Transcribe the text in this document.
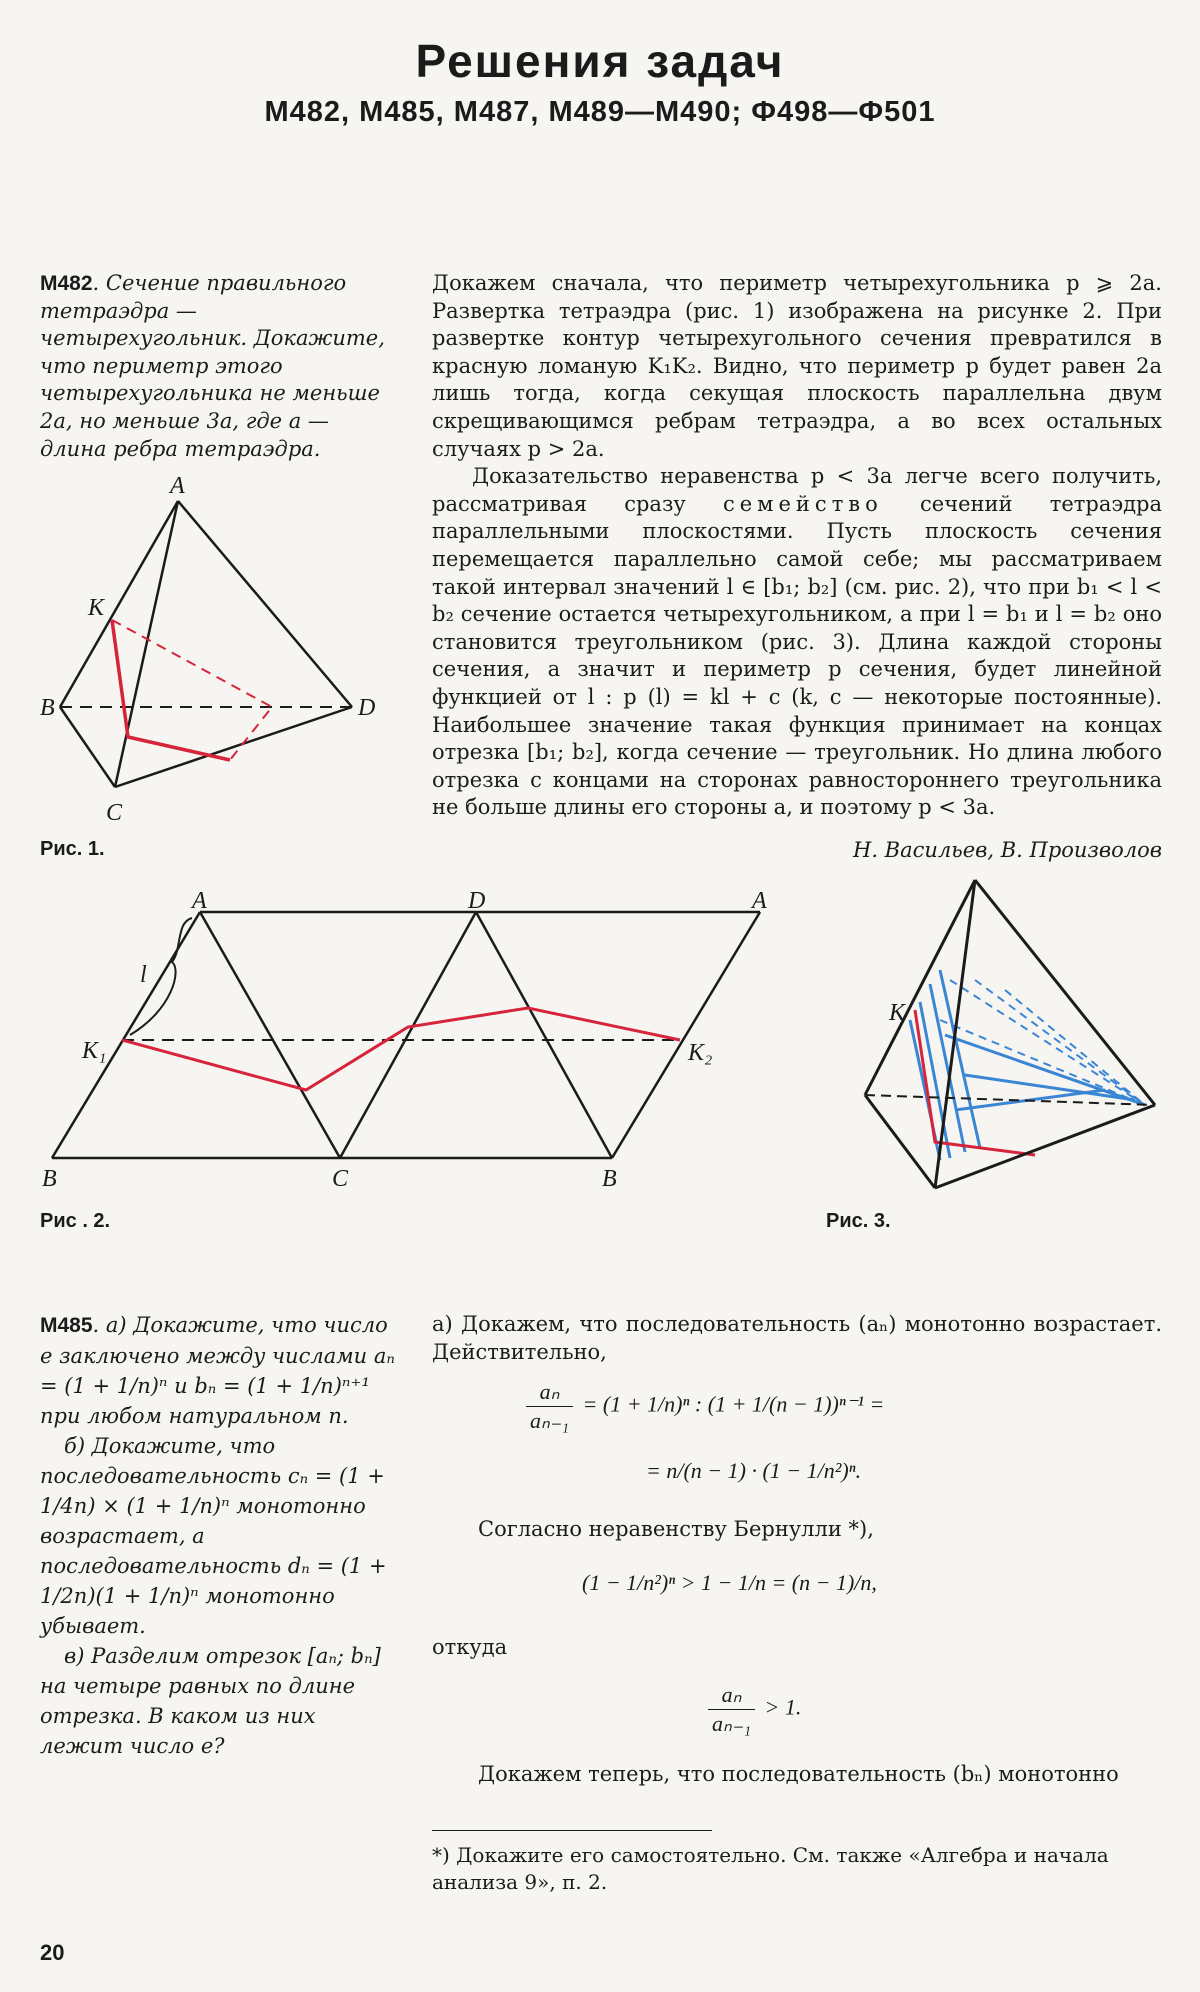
Решения задач
М482, М485, М487, М489—М490; Ф498—Ф501
М482. Сечение правильного тетраэдра — четырехугольник. Докажите, что периметр этого четырехугольника не меньше 2a, но меньше 3a, где a — длина ребра тетраэдра.

Докажем сначала, что периметр четырехугольника p ⩾ 2a. Развертка тетраэдра (рис. 1) изображена на рисунке 2. При развертке контур четырехугольного сечения превратился в красную ломаную K₁K₂. Видно, что периметр p будет равен 2a лишь тогда, когда секущая плоскость параллельна двум скрещивающимся ребрам тетраэдра, а во всех остальных случаях p > 2a.

Доказательство неравенства p < 3a легче всего получить, рассматривая сразу семейство сечений тетраэдра параллельными плоскостями. Пусть плоскость сечения перемещается параллельно самой себе; мы рассматриваем такой интервал значений l ∈ [b₁; b₂] (см. рис. 2), что при b₁ < l < b₂ сечение остается четырехугольником, а при l = b₁ и l = b₂ оно становится треугольником (рис. 3). Длина каждой стороны сечения, а значит и периметр p сечения, будет линейной функцией от l : p (l) = kl + c (k, c — некоторые постоянные). Наибольшее значение такая функция принимает на концах отрезка [b₁; b₂], когда сечение — треугольник. Но длина любого отрезка с концами на сторонах равностороннего треугольника не больше длины его стороны a, и поэтому p < 3a.

Н. Васильев, В. Произволов
A
B
C
D
K
Рис. 1.
A	D	A
B	C	B
K₁	K₂
l
Рис . 2.
K
Рис. 3.
М485. а) Докажите, что число e заключено между числами aₙ = (1 + 1/n)ⁿ и bₙ = (1 + 1/n)ⁿ⁺¹ при любом натуральном n.
б) Докажите, что последовательность cₙ = (1 + 1/4n) × (1 + 1/n)ⁿ монотонно возрастает, а последовательность dₙ = (1 + 1/2n)(1 + 1/n)ⁿ монотонно убывает.
в) Разделим отрезок [aₙ; bₙ] на четыре равных по длине отрезка. В каком из них лежит число e?
а) Докажем, что последовательность (aₙ) монотонно возрастает. Действительно,
$\frac{\text{aₙ}}{\text{aₙ₋₁}} = (1 + 1/n)^n$ : (1 + 1/(n − 1))ⁿ⁻¹ =
= n/(n − 1) · (1 − 1/n²)ⁿ.
Согласно неравенству Бернулли *),
(1 − 1/n²)ⁿ > 1 − 1/n = (n − 1)/n,
откуда
$\frac{\text{aₙ}}{\text{aₙ₋₁}} > 1$.
Докажем теперь, что последовательность (bₙ) монотонно
*) Докажите его самостоятельно. См. также «Алгебра и начала анализа 9», п. 2.
20
